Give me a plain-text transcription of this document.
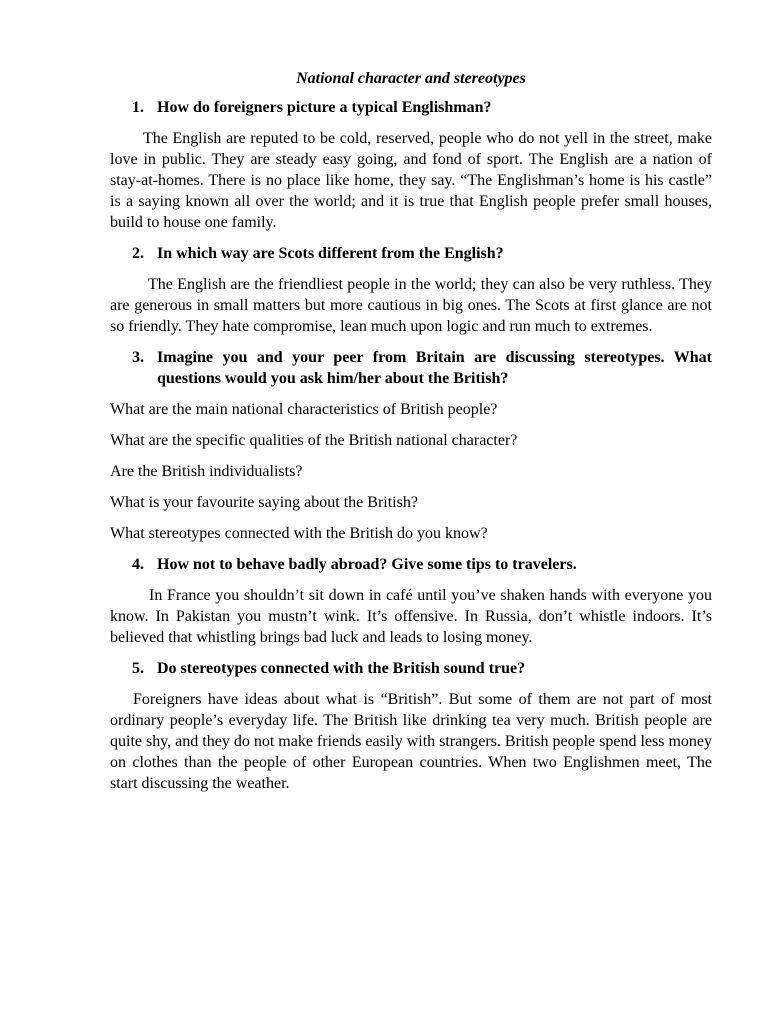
National character and stereotypes
1. How do foreigners picture a typical Englishman?

The English are reputed to be cold, reserved, people who do not yell in the street, make love in public. They are steady easy going, and fond of sport. The English are a nation of stay-at-homes. There is no place like home, they say. “The Englishman’s home is his castle” is a saying known all over the world; and it is true that English people prefer small houses, build to house one family.

2. In which way are Scots different from the English?

The English are the friendliest people in the world; they can also be very ruthless. They are generous in small matters but more cautious in big ones. The Scots at first glance are not so friendly. They hate compromise, lean much upon logic and run much to extremes.

3. Imagine you and your peer from Britain are discussing stereotypes. What questions would you ask him/her about the British?
What are the main national characteristics of British people?
What are the specific qualities of the British national character?
Are the British individualists?
What is your favourite saying about the British?
What stereotypes connected with the British do you know?
4. How not to behave badly abroad? Give some tips to travelers.

In France you shouldn’t sit down in café until you’ve shaken hands with everyone you know. In Pakistan you mustn’t wink. It’s offensive. In Russia, don’t whistle indoors. It’s believed that whistling brings bad luck and leads to losing money.

5. Do stereotypes connected with the British sound true?

Foreigners have ideas about what is “British”. But some of them are not part of most ordinary people’s everyday life. The British like drinking tea very much. British people are quite shy, and they do not make friends easily with strangers. British people spend less money on clothes than the people of other European countries. When two Englishmen meet, The start discussing the weather.
